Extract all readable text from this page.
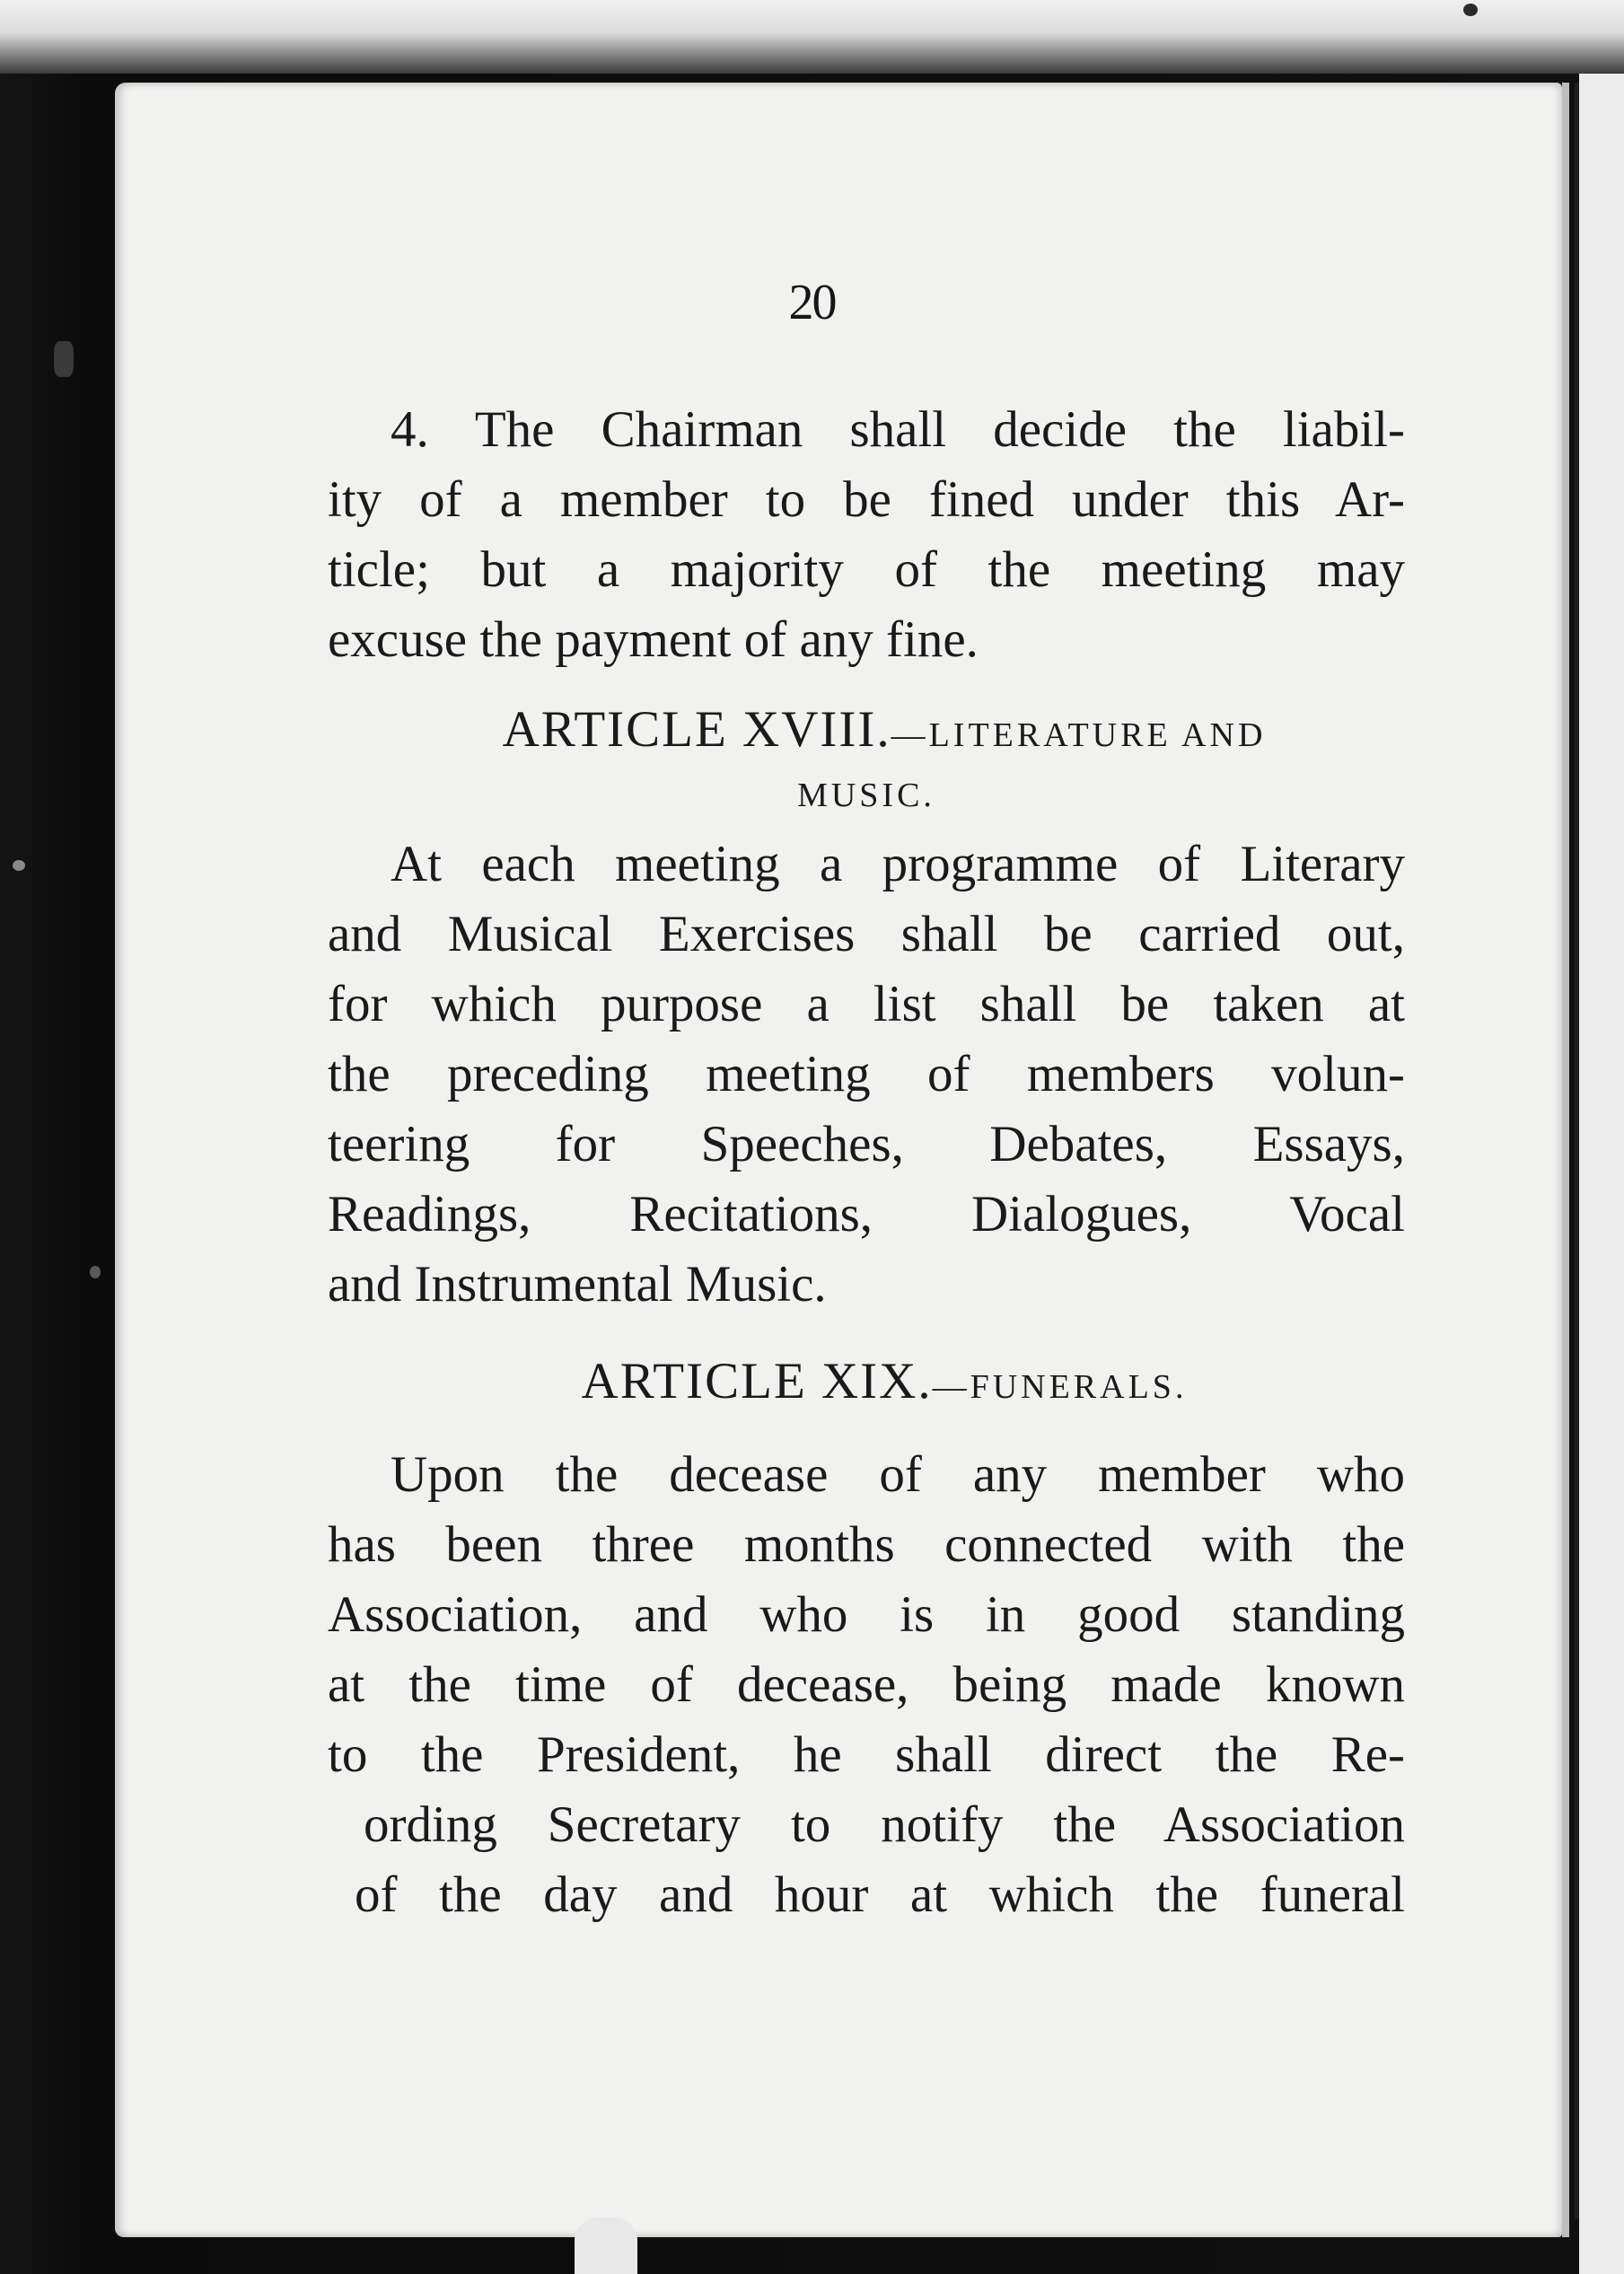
20

4. The Chairman shall decide the liabil-

ity of a member to be fined under this Ar-

ticle; but a majority of the meeting may

excuse the payment of any fine.

ARTICLE XVIII.—LITERATURE AND

MUSIC.

At each meeting a programme of Literary

and Musical Exercises shall be carried out,

for which purpose a list shall be taken at

the preceding meeting of members volun-

teering for Speeches, Debates, Essays,

Readings, Recitations, Dialogues, Vocal

and Instrumental Music.

ARTICLE XIX.—FUNERALS.

Upon the decease of any member who

has been three months connected with the

Association, and who is in good standing

at the time of decease, being made known

to the President, he shall direct the Re-

ording Secretary to notify the Association

of the day and hour at which the funeral
